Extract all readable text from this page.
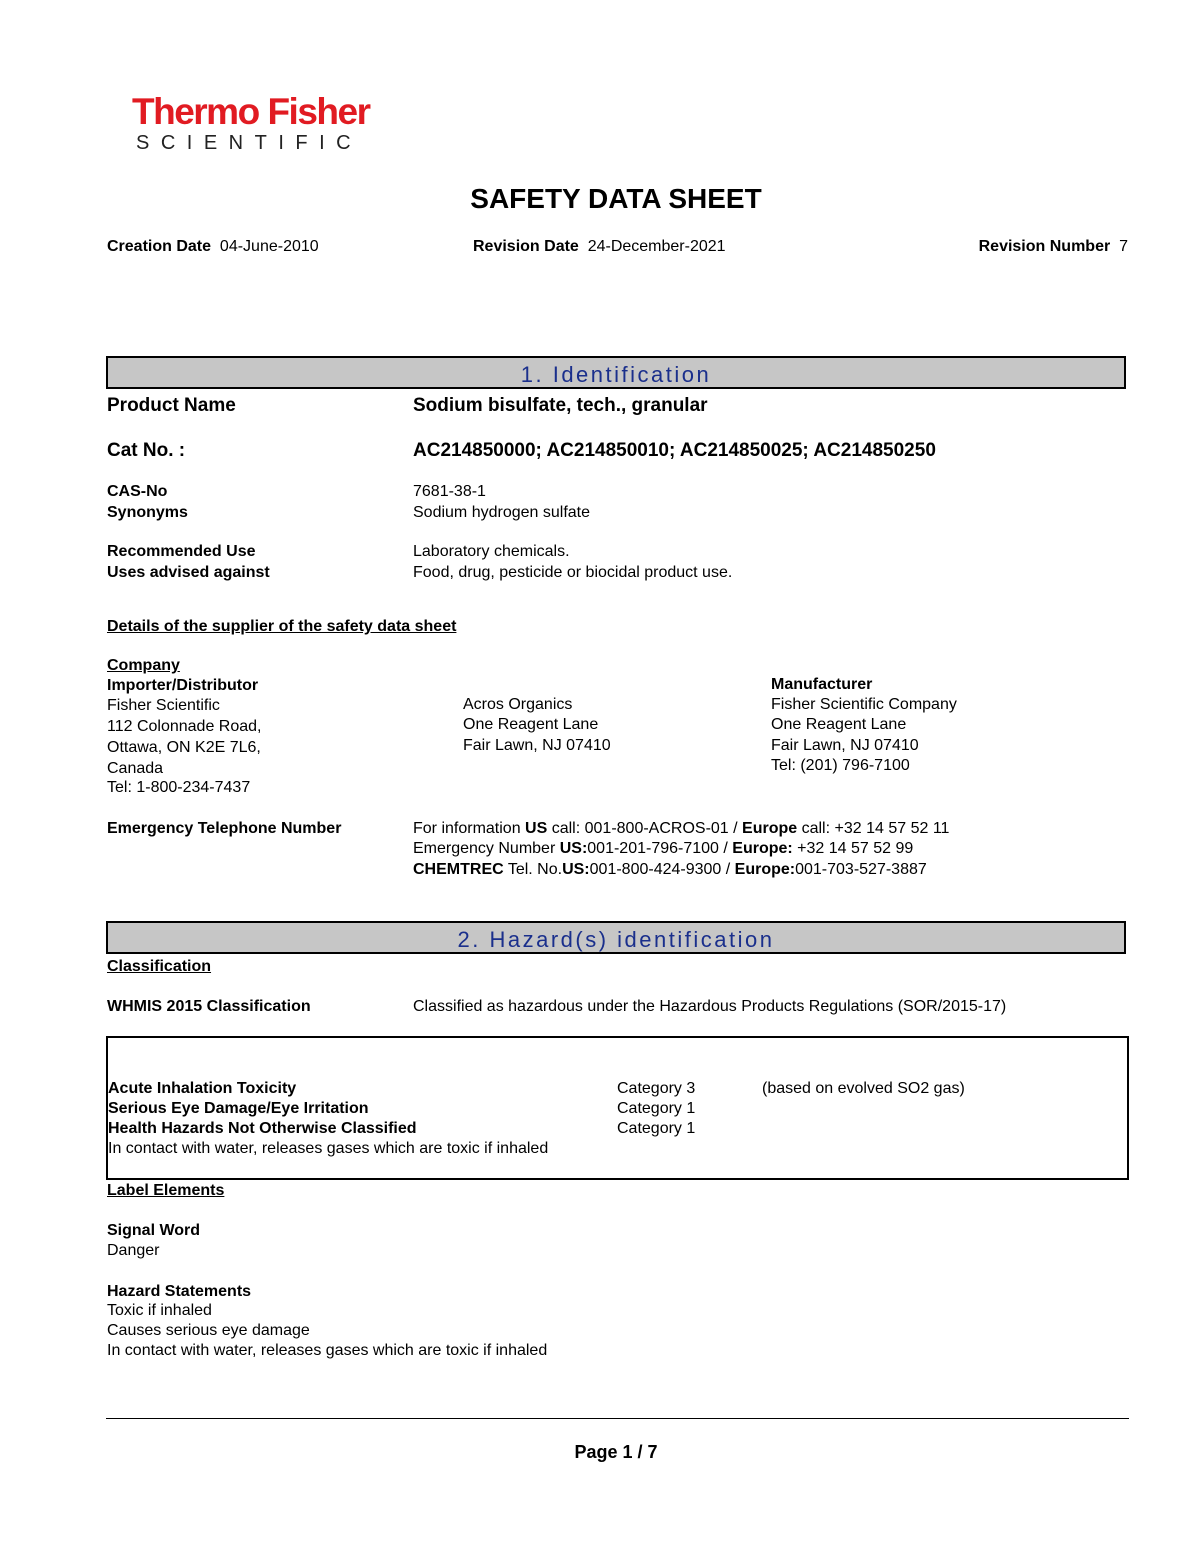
Thermo Fisher
SCIENTIFIC
SAFETY DATA SHEET
Creation Date 04-June-2010	Revision Date 24-December-2021	Revision Number 7
1. Identification
Product Name	Sodium bisulfate, tech., granular
Cat No. :	AC214850000; AC214850010; AC214850025; AC214850250
CAS-No	7681-38-1
Synonyms	Sodium hydrogen sulfate
Recommended Use	Laboratory chemicals.
Uses advised against	Food, drug, pesticide or biocidal product use.
Details of the supplier of the safety data sheet
Company
Importer/Distributor
Fisher Scientific
112 Colonnade Road,
Ottawa, ON K2E 7L6,
Canada
Tel: 1-800-234-7437
Acros Organics
One Reagent Lane
Fair Lawn, NJ 07410
Manufacturer
Fisher Scientific Company
One Reagent Lane
Fair Lawn, NJ 07410
Tel: (201) 796-7100
Emergency Telephone Number	For information US call: 001-800-ACROS-01 / Europe call: +32 14 57 52 11
Emergency Number US:001-201-796-7100 / Europe: +32 14 57 52 99
CHEMTREC Tel. No.US:001-800-424-9300 / Europe:001-703-527-3887
2. Hazard(s) identification
Classification
WHMIS 2015 Classification	Classified as hazardous under the Hazardous Products Regulations (SOR/2015-17)
Acute Inhalation Toxicity	Category 3	(based on evolved SO2 gas)
Serious Eye Damage/Eye Irritation	Category 1
Health Hazards Not Otherwise Classified	Category 1
In contact with water, releases gases which are toxic if inhaled
Label Elements
Signal Word
Danger
Hazard Statements
Toxic if inhaled
Causes serious eye damage
In contact with water, releases gases which are toxic if inhaled
Page 1 / 7
